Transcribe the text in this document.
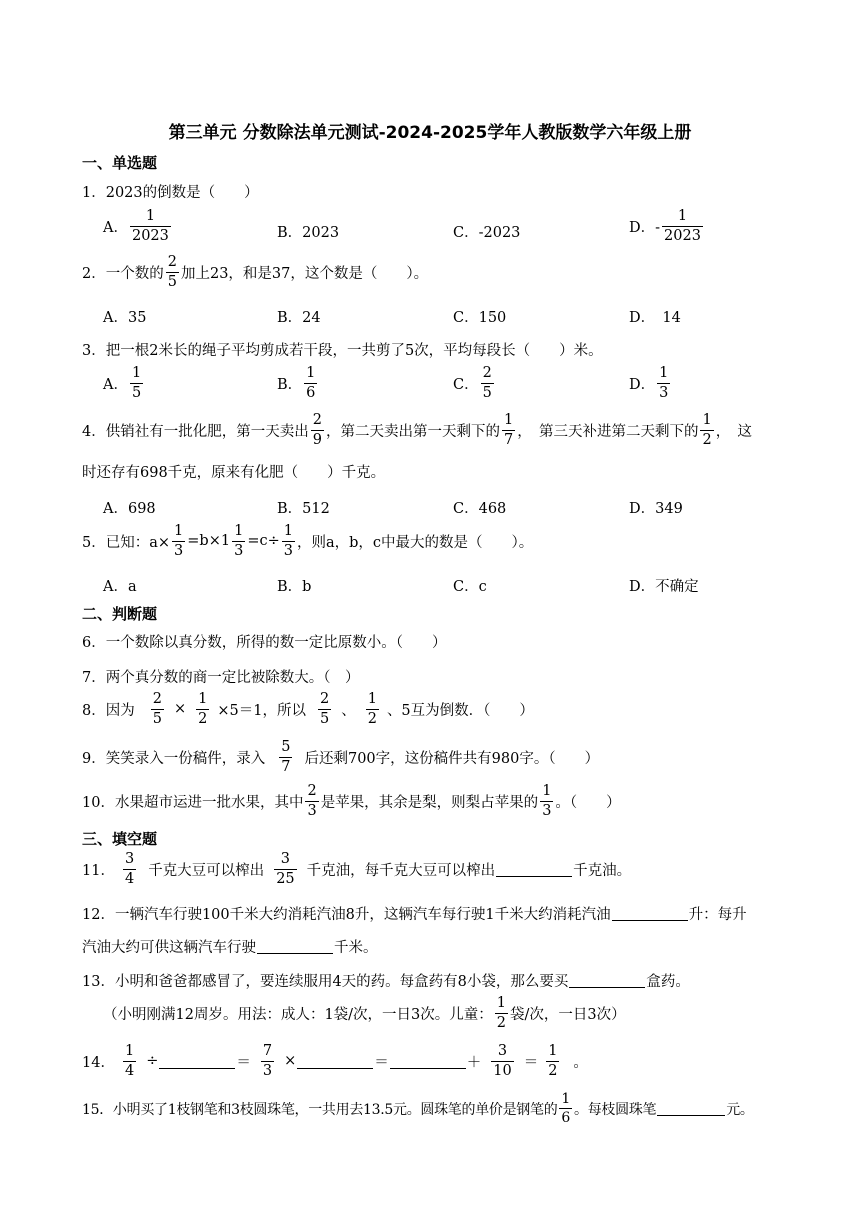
第三单元 分数除法单元测试-2024-2025学年人教版数学六年级上册
一、单选题
1． 2023的倒数是（　　）
A． $\frac{1}{2023}$	B．2023	C．-2023	D．- $\frac{1}{2023}$
2． 一个数的 $\frac{2}{5}$ 加上23，和是37，这个数是（　　）。
A．35	B．24	C．150	D．　14
3． 把一根2米长的绳子平均剪成若干段，一共剪了5次，平均每段长（　　）米。
A． $\frac{1}{5}$	B． $\frac{1}{6}$	C． $\frac{2}{5}$	D． $\frac{1}{3}$
4． 供销社有一批化肥，第一天卖出 $\frac{2}{9}$ ，第二天卖出第一天剩下的 $\frac{1}{7}$ ，　第三天补进第二天剩下的 $\frac{1}{2}$ ，　这
时还存有698千克，原来有化肥（　　）千克。
A．698	B．512	C．468	D．349
5． 已知：$a\times \frac{1}{3} =b\times 1 \frac{1}{3} =c\div \frac{1}{3}$ ，则a，b，c中最大的数是（　　）。
A．a	B．b	C．c	D．不确定
二、判断题
6．一个数除以真分数，所得的数一定比原数小。（　　）
7．两个真分数的商一定比被除数大。（　）
8．因为 $\frac{2}{5} \times \frac{1}{2} \times 5=1$，所以 $\frac{2}{5}$ 、 $\frac{1}{2}$ 、5互为倒数．（　　）
9．笑笑录入一份稿件，录入 $\frac{5}{7}$ 后还剩700字，这份稿件共有980字。（　　）
10．水果超市运进一批水果，其中 $\frac{2}{3}$ 是苹果，其余是梨，则梨占苹果的 $\frac{1}{3}$ 。（　　）
三、填空题
11． $\frac{3}{4}$ 千克大豆可以榨出 $\frac{3}{25}$ 千克油，每千克大豆可以榨出	千克油。
12．一辆汽车行驶100千米大约消耗汽油8升，这辆汽车每行驶1千米大约消耗汽油	升：每升
汽油大约可供这辆汽车行驶	千米。
13．小明和爸爸都感冒了，要连续服用4天的药。每盒药有8小袋，那么要买	盒药。
（小明刚满12周岁。用法：成人：1袋/次，一日3次。儿童： $\frac{1}{2}$ 袋/次，一日3次）
14． $\frac{1}{4}$ ÷	＝ $\frac{7}{3}$ ×	＝	＋ $\frac{3}{10} = \frac{1}{2}$ 。
15．小明买了1枝钢笔和3枝圆珠笔，一共用去13.5元。圆珠笔的单价是钢笔的 $\frac{1}{6}$ 。每枝圆珠笔	元。
